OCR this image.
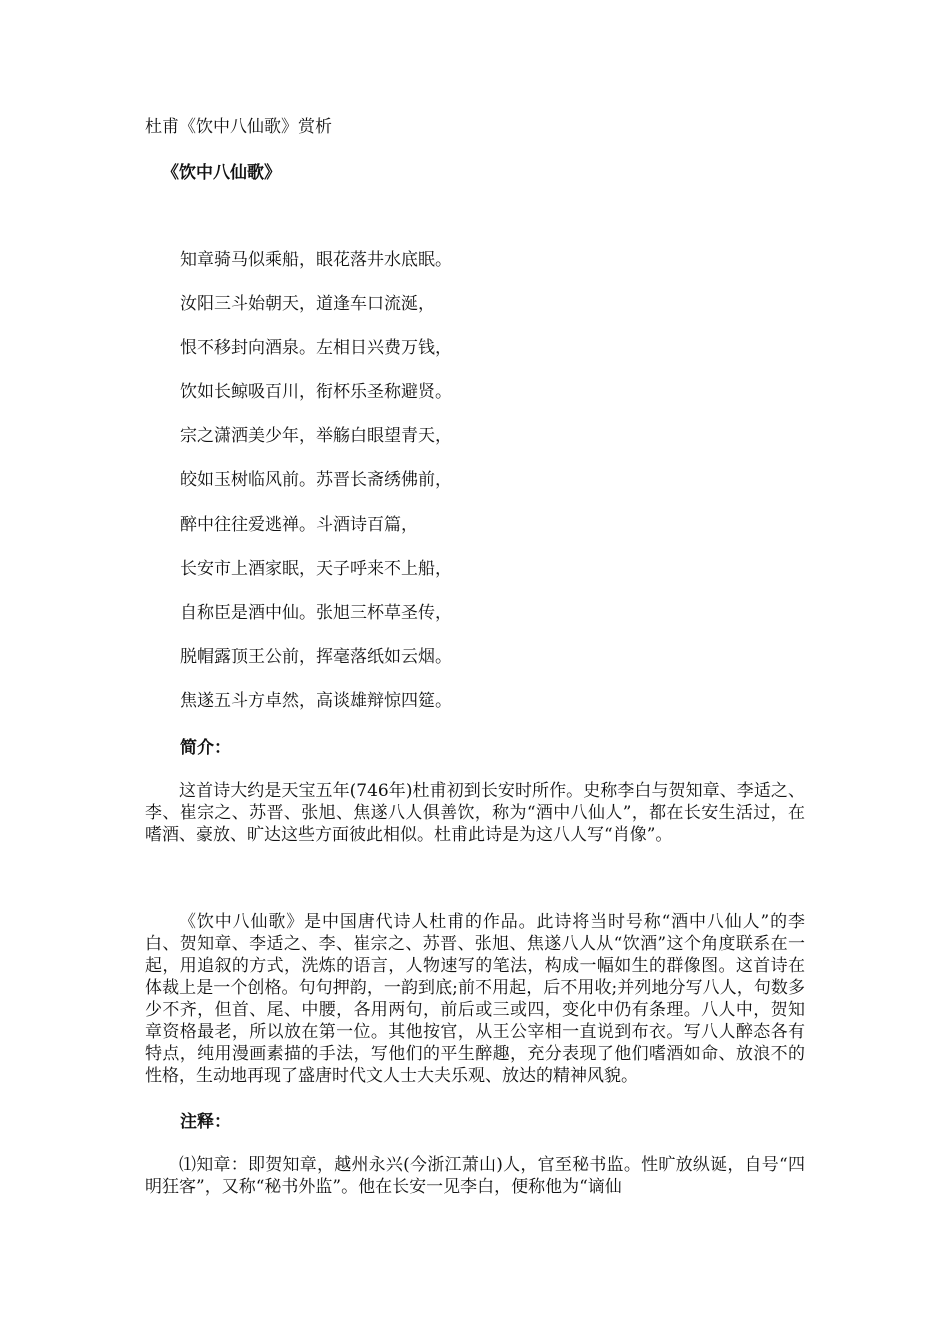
杜甫《饮中八仙歌》赏析
《饮中八仙歌》
知章骑马似乘船，眼花落井水底眠。
汝阳三斗始朝天，道逢车口流涎，
恨不移封向酒泉。左相日兴费万钱，
饮如长鲸吸百川，衔杯乐圣称避贤。
宗之潇洒美少年，举觞白眼望青天，
皎如玉树临风前。苏晋长斋绣佛前，
醉中往往爱逃禅。斗酒诗百篇，
长安市上酒家眠，天子呼来不上船，
自称臣是酒中仙。张旭三杯草圣传，
脱帽露顶王公前，挥毫落纸如云烟。
焦遂五斗方卓然，高谈雄辩惊四筵。
简介：

这首诗大约是天宝五年(746年)杜甫初到长安时所作。史称李白与贺知章、李适之、李、崔宗之、苏晋、张旭、焦遂八人俱善饮，称为“酒中八仙人”，都在长安生活过，在嗜酒、豪放、旷达这些方面彼此相似。杜甫此诗是为这八人写“肖像”。

《饮中八仙歌》是中国唐代诗人杜甫的作品。此诗将当时号称“酒中八仙人”的李白、贺知章、李适之、李、崔宗之、苏晋、张旭、焦遂八人从“饮酒”这个角度联系在一起，用追叙的方式，洗炼的语言，人物速写的笔法，构成一幅如生的群像图。这首诗在体裁上是一个创格。句句押韵，一韵到底;前不用起，后不用收;并列地分写八人，句数多少不齐，但首、尾、中腰，各用两句，前后或三或四，变化中仍有条理。八人中，贺知章资格最老，所以放在第一位。其他按官，从王公宰相一直说到布衣。写八人醉态各有特点，纯用漫画素描的手法，写他们的平生醉趣，充分表现了他们嗜酒如命、放浪不的性格，生动地再现了盛唐时代文人士大夫乐观、放达的精神风貌。

注释：

⑴知章：即贺知章，越州永兴(今浙江萧山)人，官至秘书监。性旷放纵诞，自号“四明狂客”，又称“秘书外监”。他在长安一见李白，便称他为“谪仙
